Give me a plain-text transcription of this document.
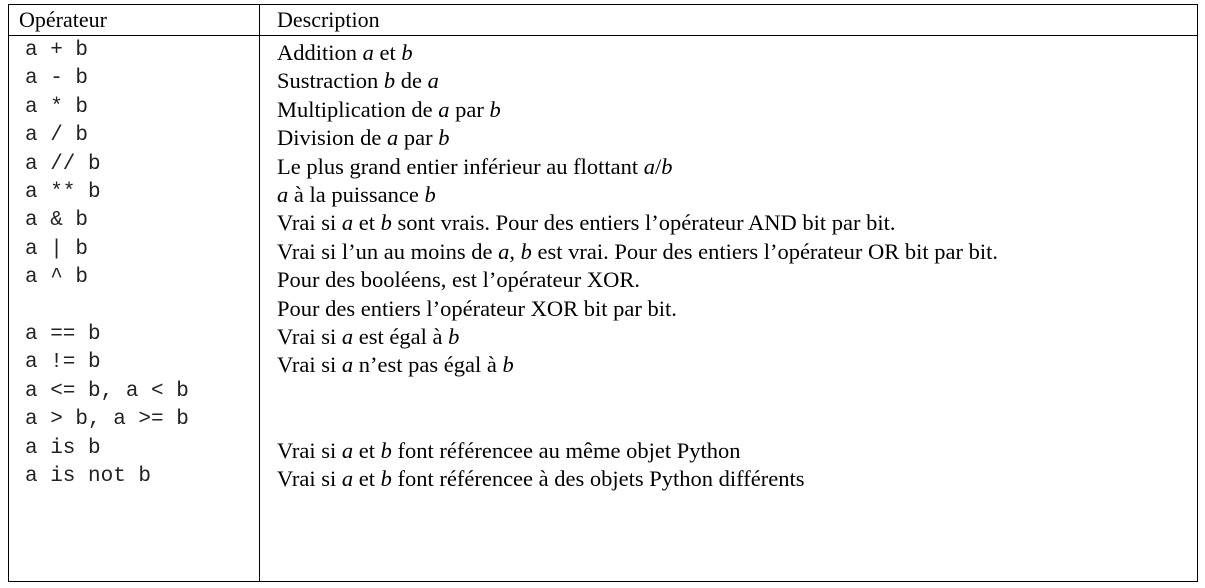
Opérateur	Description
a + b	Addition a et b
a - b	Sustraction b de a
a * b	Multiplication de a par b
a / b	Division de a par b
a // b	Le plus grand entier inférieur au flottant a/b
a ** b	a à la puissance b
a & b	Vrai si a et b sont vrais. Pour des entiers l’opérateur AND bit par bit.
a | b	Vrai si l’un au moins de a, b est vrai. Pour des entiers l’opérateur OR bit par bit.
a ^ b	Pour des booléens, est l’opérateur XOR.
Pour des entiers l’opérateur XOR bit par bit.
a == b	Vrai si a est égal à b
a != b	Vrai si a n’est pas égal à b
a <= b, a < b
a > b, a >= b
a is b	Vrai si a et b font référencee au même objet Python
a is not b	Vrai si a et b font référencee à des objets Python différents
